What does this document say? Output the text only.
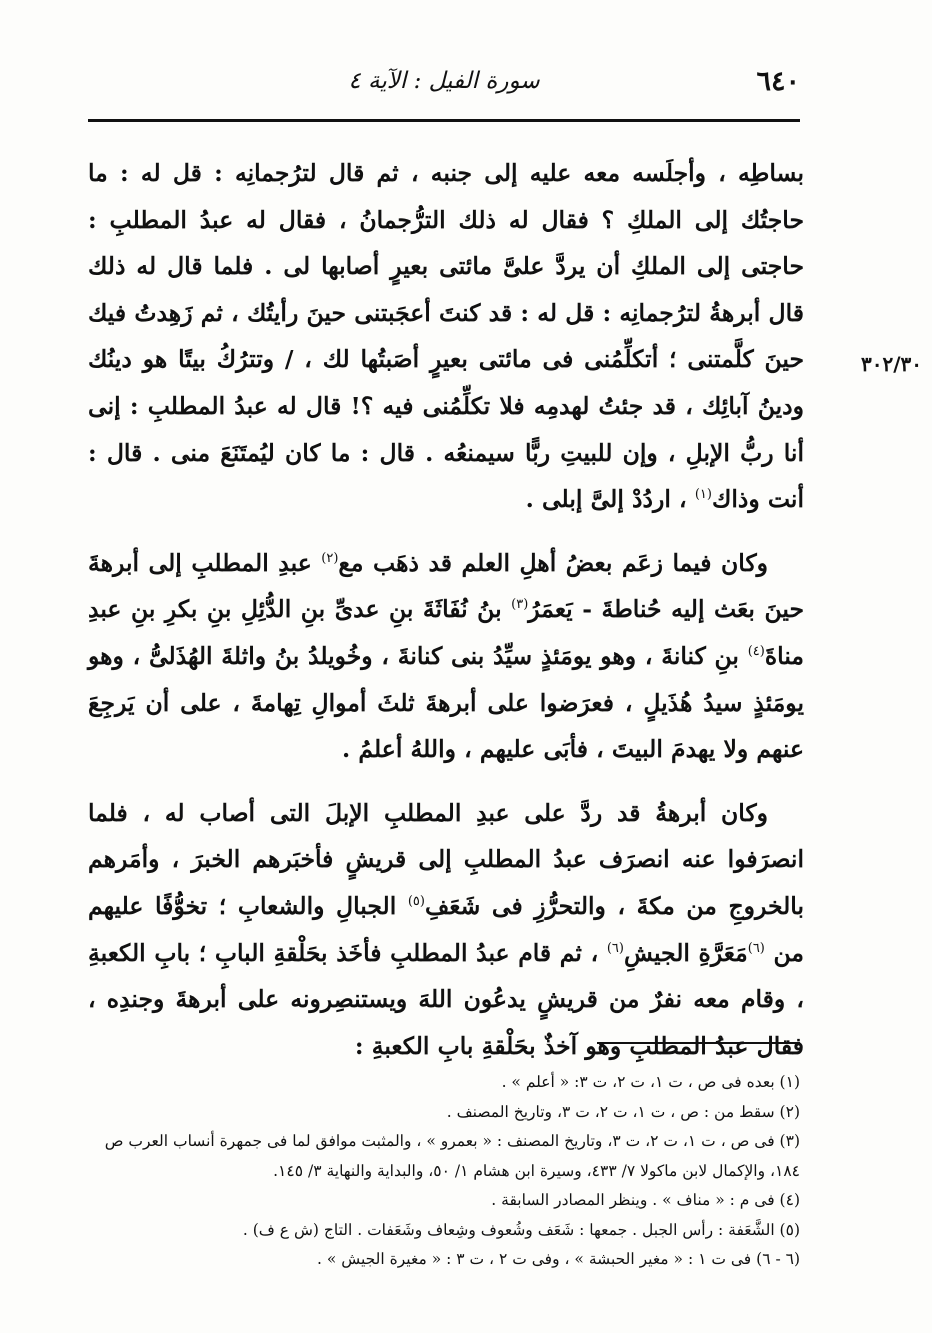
٦٤٠
سورة الفيل : الآية ٤
٣٠٢/٣٠

بساطِه ، وأجلَسه معه عليه إلى جنبه ، ثم قال لترُجمانِه : قل له : ما حاجتُك إلى الملكِ ؟ فقال له ذلك الترُّجمانُ ، فقال له عبدُ المطلبِ : حاجتى إلى الملكِ أن يردَّ علىَّ مائتى بعيرٍ أصابها لى . فلما قال له ذلك قال أبرهةُ لترُجمانِه : قل له : قد كنتَ أعجَبتنى حينَ رأيتُك ، ثم زَهِدتُ فيك حينَ كلَّمتنى ؛ أتكلِّمُنى فى مائتى بعيرٍ أصَبتُها لك ، / وتترُكُ بيتًا هو دينُك ودينُ آبائِك ، قد جئتُ لهدمِه فلا تكلِّمُنى فيه ؟! قال له عبدُ المطلبِ : إنى أنا ربُّ الإبلِ ، وإن للبيتِ ربًّا سيمنعُه . قال : ما كان ليُمتَنَعَ منى . قال : أنت وذاك$^{(١)}$ ، اردُدْ إلىَّ إبلى .

وكان فيما زعَم بعضُ أهلِ العلم قد ذهَب مع$^{(٢)}$ عبدِ المطلبِ إلى أبرهةَ حينَ بعَث إليه حُناطةَ - يَعمَرُ$^{(٣)}$ بنُ نُفَاثَةَ بنِ عدىِّ بنِ الدُّئِلِ بنِ بكرِ بنِ عبدِ مناةَ$^{(٤)}$ بنِ كنانةَ ، وهو يومَئذٍ سيِّدُ بنى كنانةَ ، وخُويلدُ بنُ واثلةَ الهُذَلىُّ ، وهو يومَئذٍ سيدُ هُذَيلٍ ، فعرَضوا على أبرهةَ ثلثَ أموالِ تِهامةَ ، على أن يَرجِعَ عنهم ولا يهدمَ البيتَ ، فأبَى عليهم ، واللهُ أعلمُ .

وكان أبرهةُ قد ردَّ على عبدِ المطلبِ الإبلَ التى أصاب له ، فلما انصرَفوا عنه انصرَف عبدُ المطلبِ إلى قريشٍ فأخبَرهم الخبرَ ، وأمَرهم بالخروجِ من مكةَ ، والتحرُّزِ فى شَعَفِ$^{(٥)}$ الجبالِ والشعابِ ؛ تخوُّفًا عليهم من $^{(٦)}$مَعَرَّةِ الجيشِ$^{(٦)}$ ، ثم قام عبدُ المطلبِ فأخَذ بحَلْقةِ البابِ ؛ بابِ الكعبةِ ، وقام معه نفرٌ من قريشٍ يدعُون اللهَ ويستنصِرونه على أبرهةَ وجندِه ، فقال عبدُ المطلبِ وهو آخذٌ بحَلْقةِ بابِ الكعبةِ :

(١) بعده فى ص ، ت ١، ت ٢، ت ٣: « أعلم » .

(٢) سقط من : ص ، ت ١، ت ٢، ت ٣، وتاريخ المصنف .

(٣) فى ص ، ت ١، ت ٢، ت ٣، وتاريخ المصنف : « بعمرو » ، والمثبت موافق لما فى جمهرة أنساب العرب ص ١٨٤، والإكمال لابن ماكولا ٧/ ٤٣٣، وسيرة ابن هشام ١/ ٥٠، والبداية والنهاية ٣/ ١٤٥.

(٤) فى م : « مناف » . وينظر المصادر السابقة .

(٥) الشَّعَفة : رأس الجبل . جمعها : شَعَف وشُعوف وشِعاف وشَعَفات . التاج (ش ع ف) .

(٦ - ٦) فى ت ١ : « مغير الحبشة » ، وفى ت ٢ ، ت ٣ : « مغيرة الجيش » .
